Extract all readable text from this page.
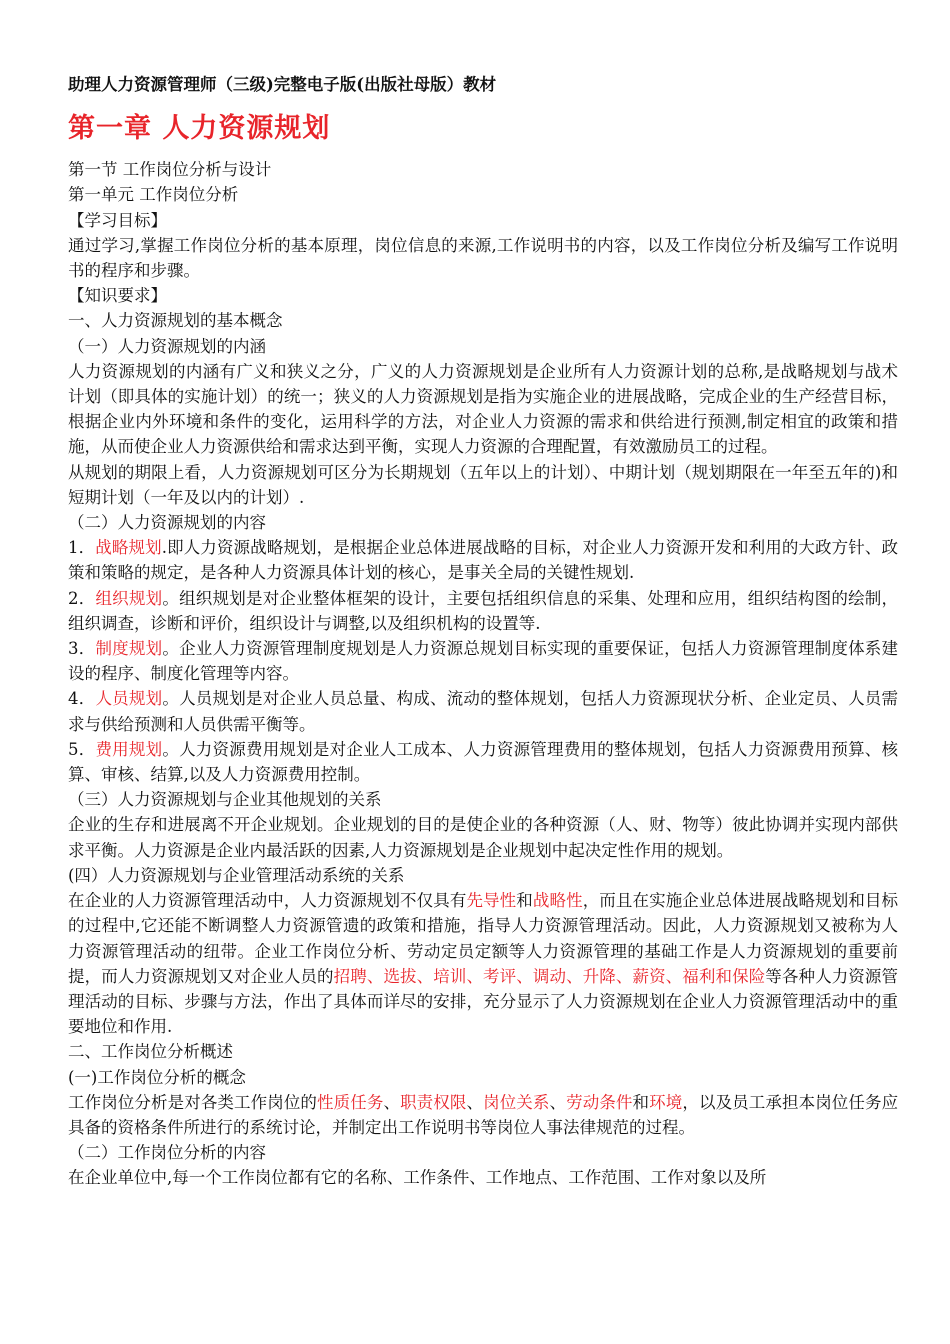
助理人力资源管理师（三级)完整电子版(出版社母版）教材
第一章 人力资源规划

第一节 工作岗位分析与设计

第一单元 工作岗位分析

【学习目标】

通过学习,掌握工作岗位分析的基本原理，岗位信息的来源,工作说明书的内容，以及工作岗位分析及编写工作说明书的程序和步骤。

【知识要求】

一、人力资源规划的基本概念

（一）人力资源规划的内涵

人力资源规划的内涵有广义和狭义之分，广义的人力资源规划是企业所有人力资源计划的总称,是战略规划与战术计划（即具体的实施计划）的统一；狭义的人力资源规划是指为实施企业的进展战略，完成企业的生产经营目标，根据企业内外环境和条件的变化，运用科学的方法，对企业人力资源的需求和供给进行预测,制定相宜的政策和措施，从而使企业人力资源供给和需求达到平衡，实现人力资源的合理配置，有效激励员工的过程。

从规划的期限上看，人力资源规划可区分为长期规划（五年以上的计划）、中期计划（规划期限在一年至五年的)和短期计划（一年及以内的计划）.

（二）人力资源规划的内容

1．战略规划.即人力资源战略规划，是根据企业总体进展战略的目标，对企业人力资源开发和利用的大政方针、政策和策略的规定，是各种人力资源具体计划的核心，是事关全局的关键性规划.

2．组织规划。组织规划是对企业整体框架的设计，主要包括组织信息的采集、处理和应用，组织结构图的绘制，组织调查，诊断和评价，组织设计与调整,以及组织机构的设置等.

3．制度规划。企业人力资源管理制度规划是人力资源总规划目标实现的重要保证，包括人力资源管理制度体系建设的程序、制度化管理等内容。

4．人员规划。人员规划是对企业人员总量、构成、流动的整体规划，包括人力资源现状分析、企业定员、人员需求与供给预测和人员供需平衡等。

5．费用规划。人力资源费用规划是对企业人工成本、人力资源管理费用的整体规划，包括人力资源费用预算、核算、审核、结算,以及人力资源费用控制。

（三）人力资源规划与企业其他规划的关系

企业的生存和进展离不开企业规划。企业规划的目的是使企业的各种资源（人、财、物等）彼此协调并实现内部供求平衡。人力资源是企业内最活跃的因素,人力资源规划是企业规划中起决定性作用的规划。

(四）人力资源规划与企业管理活动系统的关系

在企业的人力资源管理活动中，人力资源规划不仅具有先导性和战略性，而且在实施企业总体进展战略规划和目标的过程中,它还能不断调整人力资源管遗的政策和措施，指导人力资源管理活动。因此，人力资源规划又被称为人力资源管理活动的纽带。企业工作岗位分析、劳动定员定额等人力资源管理的基础工作是人力资源规划的重要前提，而人力资源规划又对企业人员的招聘、选拔、培训、考评、调动、升降、薪资、福利和保险等各种人力资源管理活动的目标、步骤与方法，作出了具体而详尽的安排，充分显示了人力资源规划在企业人力资源管理活动中的重要地位和作用.

二、工作岗位分析概述

(一)工作岗位分析的概念

工作岗位分析是对各类工作岗位的性质任务、职责权限、岗位关系、劳动条件和环境，以及员工承担本岗位任务应具备的资格条件所进行的系统讨论，并制定出工作说明书等岗位人事法律规范的过程。

（二）工作岗位分析的内容

在企业单位中,每一个工作岗位都有它的名称、工作条件、工作地点、工作范围、工作对象以及所
